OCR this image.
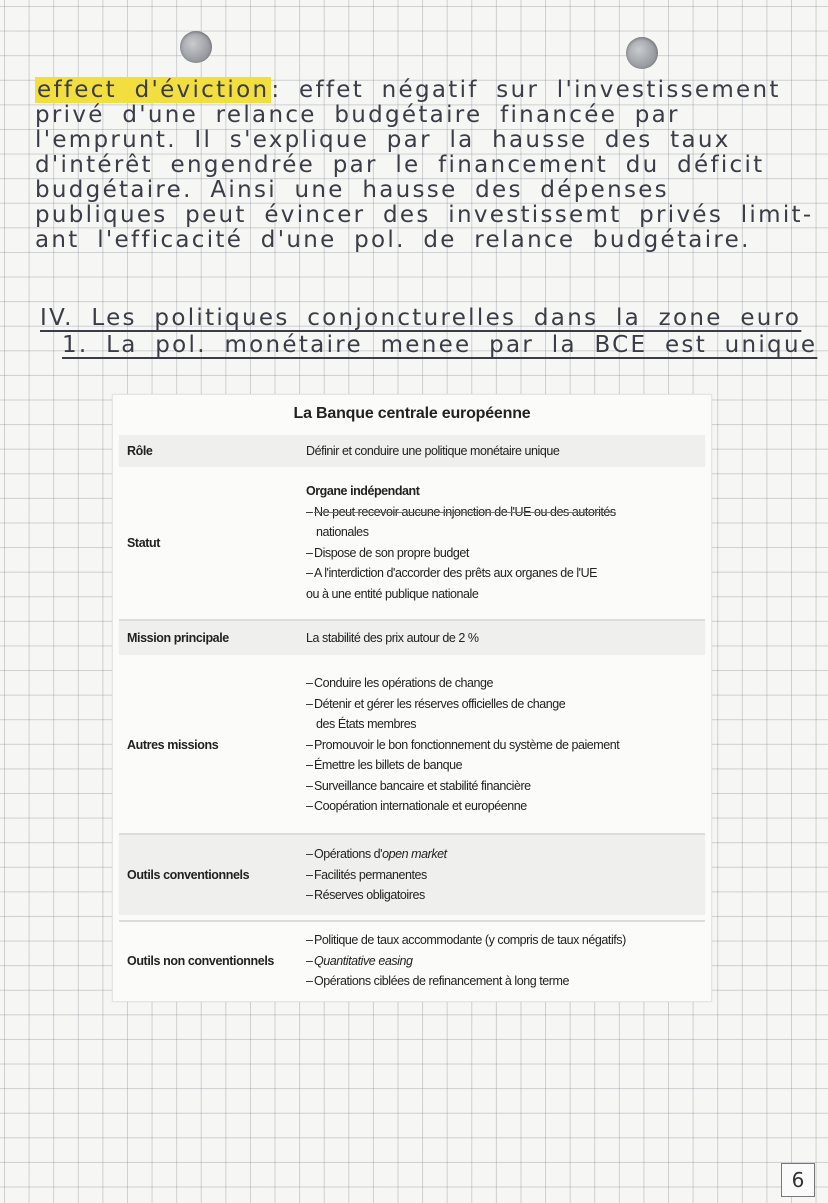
effect d'éviction: effet négatif sur l'investissement

privé d'une relance budgétaire financée par

l'emprunt. Il s'explique par la hausse des taux

d'intérêt engendrée par le financement du déficit

budgétaire. Ainsi une hausse des dépenses

publiques peut évincer des investissemt privés limit-

ant l'efficacité d'une pol. de relance budgétaire.

IV. Les politiques conjoncturelles dans la zone euro

1. La pol. monétaire menee par la BCE est unique

La Banque centrale européenne
Rôle	Définir et conduire une politique monétaire unique
Statut
Organe indépendant
–Ne peut recevoir aucune injonction de l'UE ou des autorités
nationales
–Dispose de son propre budget
–A l'interdiction d'accorder des prêts aux organes de l'UE
ou à une entité publique nationale
Mission principale	La stabilité des prix autour de 2 %
Autres missions
–Conduire les opérations de change
–Détenir et gérer les réserves officielles de change
des États membres
–Promouvoir le bon fonctionnement du système de paiement
–Émettre les billets de banque
–Surveillance bancaire et stabilité financière
–Coopération internationale et européenne
Outils conventionnels
–Opérations d'open market
–Facilités permanentes
–Réserves obligatoires
Outils non conventionnels
–Politique de taux accommodante (y compris de taux négatifs)
–Quantitative easing
–Opérations ciblées de refinancement à long terme
6
